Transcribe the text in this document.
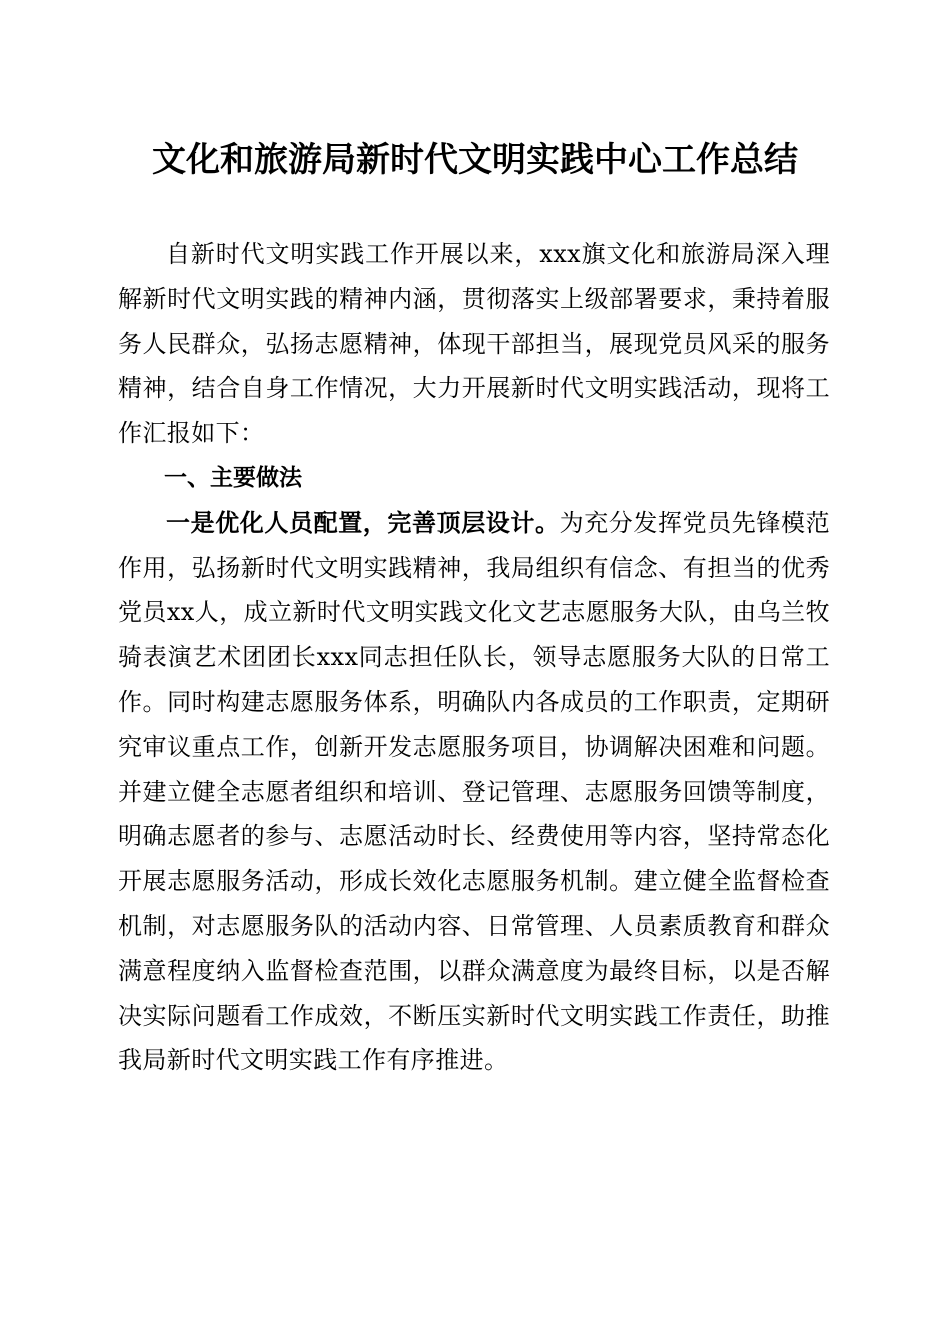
文化和旅游局新时代文明实践中心工作总结

自新时代文明实践工作开展以来，xxx旗文化和旅游局深入理解新时代文明实践的精神内涵，贯彻落实上级部署要求，秉持着服务人民群众，弘扬志愿精神，体现干部担当，展现党员风采的服务精神，结合自身工作情况，大力开展新时代文明实践活动，现将工作汇报如下：

一、主要做法

一是优化人员配置，完善顶层设计。为充分发挥党员先锋模范作用，弘扬新时代文明实践精神，我局组织有信念、有担当的优秀党员xx人，成立新时代文明实践文化文艺志愿服务大队，由乌兰牧骑表演艺术团团长xxx同志担任队长，领导志愿服务大队的日常工作。同时构建志愿服务体系，明确队内各成员的工作职责，定期研究审议重点工作，创新开发志愿服务项目，协调解决困难和问题。并建立健全志愿者组织和培训、登记管理、志愿服务回馈等制度，明确志愿者的参与、志愿活动时长、经费使用等内容，坚持常态化开展志愿服务活动，形成长效化志愿服务机制。建立健全监督检查机制，对志愿服务队的活动内容、日常管理、人员素质教育和群众满意程度纳入监督检查范围，以群众满意度为最终目标，以是否解决实际问题看工作成效，不断压实新时代文明实践工作责任，助推我局新时代文明实践工作有序推进。
